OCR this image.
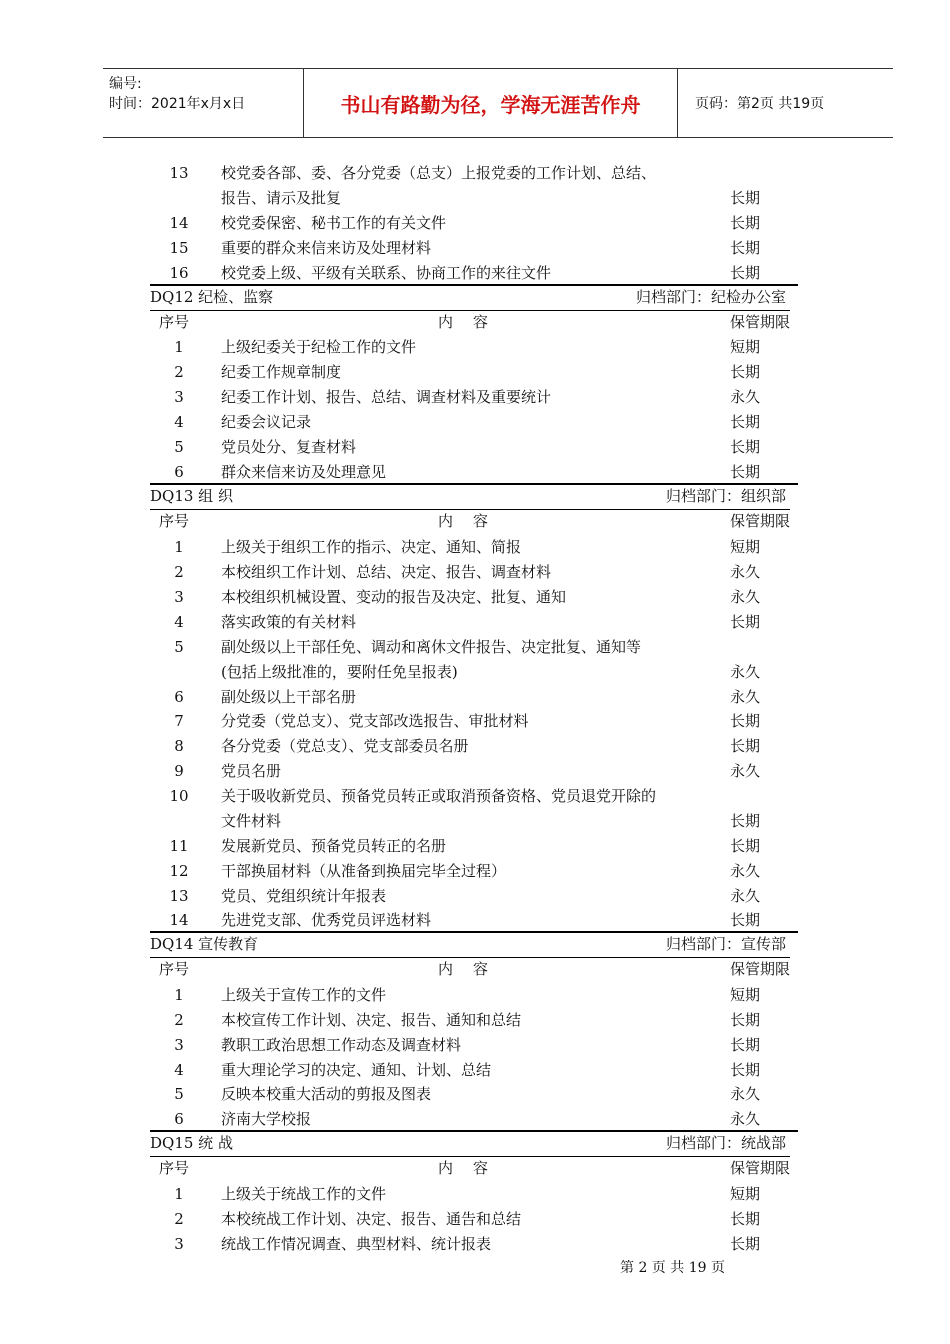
编号:
时间：2021年x月x日	书山有路勤为径，学海无涯苦作舟	页码：第2页 共19页
13 校党委各部、委、各分党委（总支）上报党委的工作计划、总结、
报告、请示及批复	长期
14 校党委保密、秘书工作的有关文件	长期
15 重要的群众来信来访及处理材料	长期
16 校党委上级、平级有关联系、协商工作的来往文件	长期
DQ12 纪检、监察	归档部门：纪检办公室
序号	内容	保管期限
1	上级纪委关于纪检工作的文件	短期
2	纪委工作规章制度	长期
3	纪委工作计划、报告、总结、调查材料及重要统计	永久
4	纪委会议记录	长期
5	党员处分、复查材料	长期
6	群众来信来访及处理意见	长期
DQ13 组 织	归档部门：组织部
序号	内容	保管期限
1	上级关于组织工作的指示、决定、通知、简报	短期
2	本校组织工作计划、总结、决定、报告、调查材料	永久
3	本校组织机械设置、变动的报告及决定、批复、通知	永久
4	落实政策的有关材料	长期
5	副处级以上干部任免、调动和离休文件报告、决定批复、通知等
(包括上级批准的，要附任免呈报表)	永久
6	副处级以上干部名册	永久
7	分党委（党总支）、党支部改选报告、审批材料	长期
8	各分党委（党总支）、党支部委员名册	长期
9	党员名册	永久
10 关于吸收新党员、预备党员转正或取消预备资格、党员退党开除的
文件材料	长期
11 发展新党员、预备党员转正的名册	长期
12 干部换届材料（从准备到换届完毕全过程）	永久
13 党员、党组织统计年报表	永久
14 先进党支部、优秀党员评选材料	长期
DQ14 宣传教育	归档部门：宣传部
序号	内容	保管期限
1	上级关于宣传工作的文件	短期
2	本校宣传工作计划、决定、报告、通知和总结	长期
3	教职工政治思想工作动态及调查材料	长期
4	重大理论学习的决定、通知、计划、总结	长期
5	反映本校重大活动的剪报及图表	永久
6	济南大学校报	永久
DQ15 统 战	归档部门：统战部
序号	内容	保管期限
1	上级关于统战工作的文件	短期
2	本校统战工作计划、决定、报告、通告和总结	长期
3	统战工作情况调查、典型材料、统计报表	长期
第 2 页 共 19 页
